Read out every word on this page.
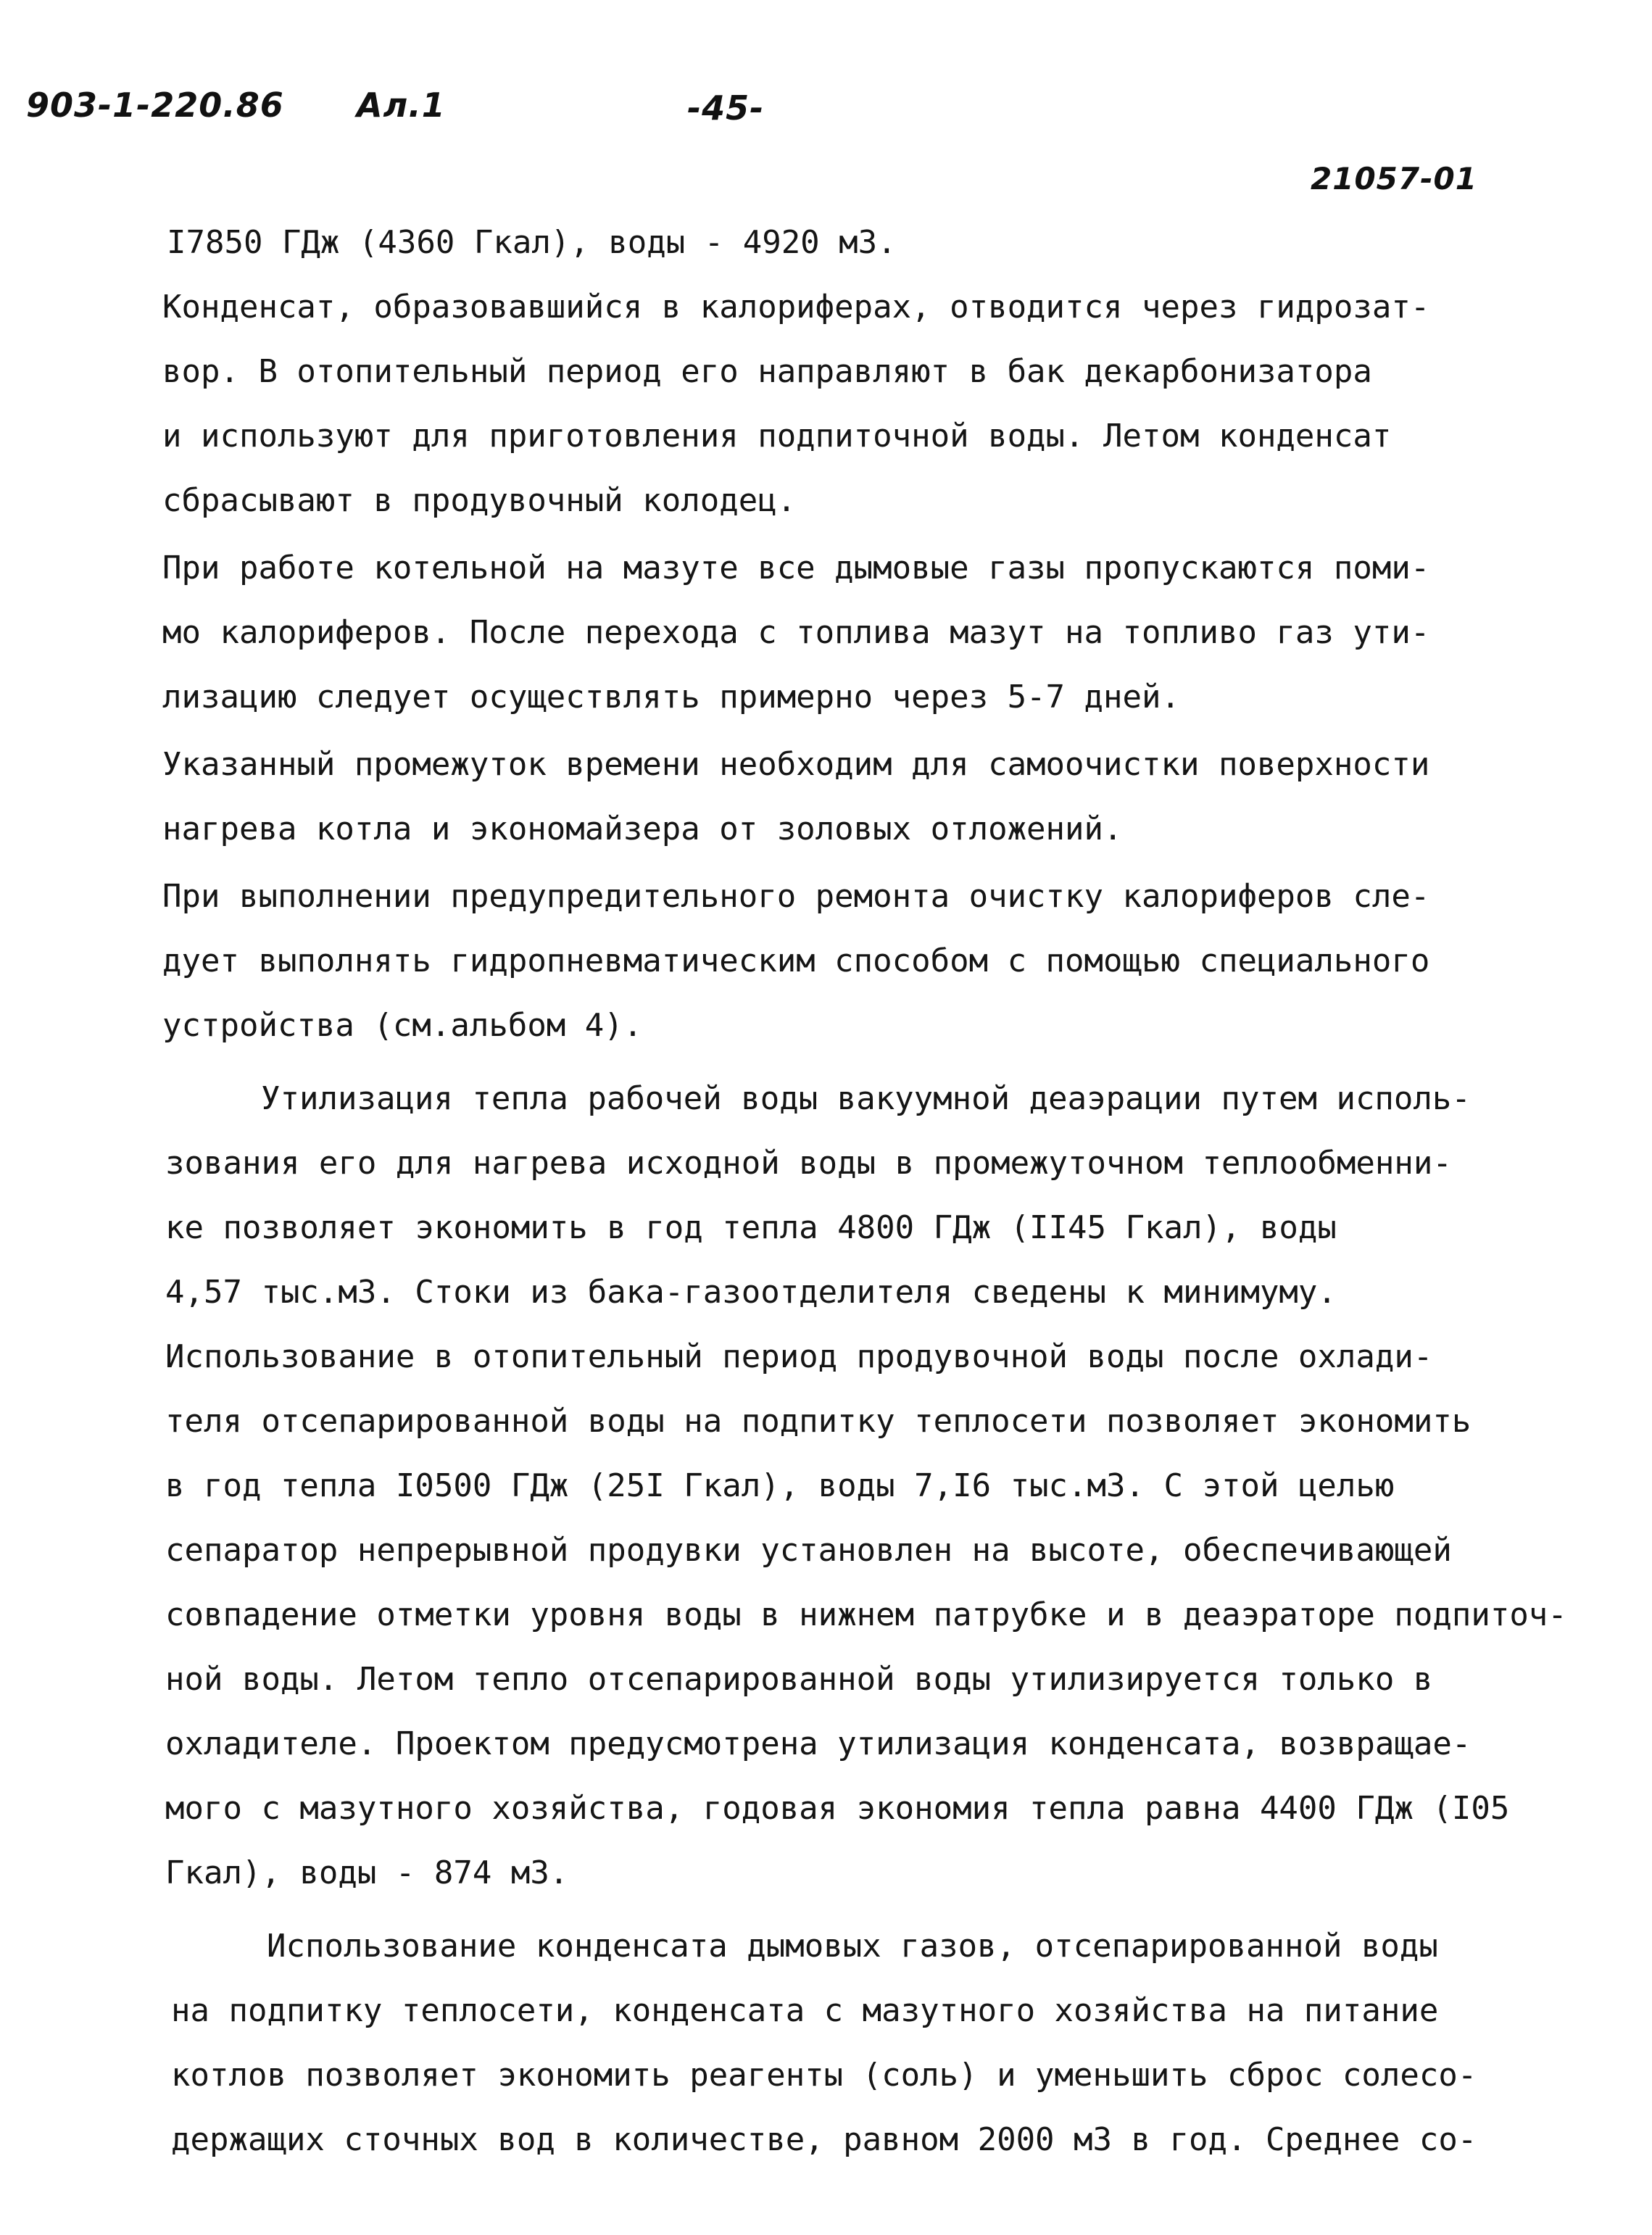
903-1-220.86 Ал.1	-45-
21057-01
I7850 ГДж (4360 Гкал), воды - 4920 м3.
Конденсат, образовавшийся в калориферах, отводится через гидрозат-
вор. В отопительный период его направляют в бак декарбонизатора
и используют для приготовления подпиточной воды. Летом конденсат
сбрасывают в продувочный колодец.
При работе котельной на мазуте все дымовые газы пропускаются поми-
мо калориферов. После перехода с топлива мазут на топливо газ ути-
лизацию следует осуществлять примерно через 5-7 дней.
Указанный промежуток времени необходим для самоочистки поверхности
нагрева котла и экономайзера от золовых отложений.
При выполнении предупредительного ремонта очистку калориферов сле-
дует выполнять гидропневматическим способом с помощью специального
устройства (см.альбом 4).
Утилизация тепла рабочей воды вакуумной деаэрации путем исполь-
зования его для нагрева исходной воды в промежуточном теплообменни-
ке позволяет экономить в год тепла 4800 ГДж (II45 Гкал), воды
4,57 тыс.м3. Стоки из бака-газоотделителя сведены к минимуму.
Использование в отопительный период продувочной воды после охлади-
теля отсепарированной воды на подпитку теплосети позволяет экономить
в год тепла I0500 ГДж (25I Гкал), воды 7,I6 тыс.м3. С этой целью
сепаратор непрерывной продувки установлен на высоте, обеспечивающей
совпадение отметки уровня воды в нижнем патрубке и в деаэраторе подпиточ-
ной воды. Летом тепло отсепарированной воды утилизируется только в
охладителе. Проектом предусмотрена утилизация конденсата, возвращае-
мого с мазутного хозяйства, годовая экономия тепла равна 4400 ГДж (I05
Гкал), воды - 874 м3.
Использование конденсата дымовых газов, отсепарированной воды
на подпитку теплосети, конденсата с мазутного хозяйства на питание
котлов позволяет экономить реагенты (соль) и уменьшить сброс солесо-
держащих сточных вод в количестве, равном 2000 м3 в год. Среднее со-
